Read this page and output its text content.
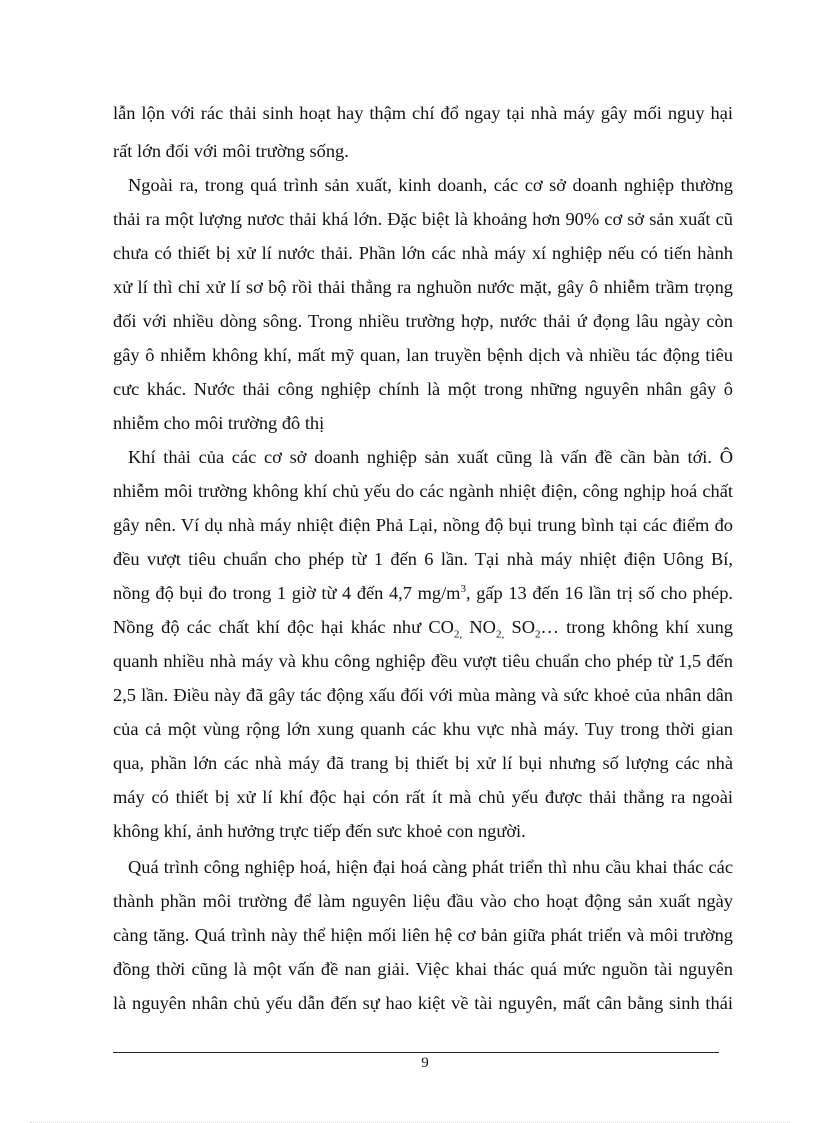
lẫn lộn với rác thải sinh hoạt hay thậm chí đổ ngay tại nhà máy gây mối nguy hại
rất lớn đối với môi trường sống.
Ngoài ra, trong quá trình sản xuất, kinh doanh, các cơ sở doanh nghiệp thường
thải ra một lượng nươc thải khá lớn. Đặc biệt là khoảng hơn 90% cơ sở sản xuất cũ
chưa có thiết bị xử lí nước thải. Phần lớn các nhà máy xí nghiệp nếu có tiến hành
xử lí thì chỉ xử lí sơ bộ rồi thải thẳng ra nghuồn nước mặt, gây ô nhiễm trầm trọng
đối với nhiều dòng sông. Trong nhiều trường hợp, nước thải ứ đọng lâu ngày còn
gây ô nhiễm không khí, mất mỹ quan, lan truyền bệnh dịch và nhiều tác động tiêu
cưc khác. Nước thải công nghiệp chính là một trong những nguyên nhân gây ô
nhiễm cho môi trường đô thị
Khí thải của các cơ sở doanh nghiệp sản xuất cũng là vấn đề cần bàn tới. Ô
nhiễm môi trường không khí chủ yếu do các ngành nhiệt điện, công nghịp hoá chất
gây nên. Ví dụ nhà máy nhiệt điện Phả Lại, nồng độ bụi trung bình tại các điểm đo
đều vượt tiêu chuẩn cho phép từ 1 đến 6 lần. Tại nhà máy nhiệt điện Uông Bí,
nồng độ bụi đo trong 1 giờ từ 4 đến 4,7 $mg/m^3$, gấp 13 đến 16 lần trị số cho phép.
Nồng độ các chất khí độc hại khác như $CO_{2,}$ $NO_{2,}$ $SO_2\dots$ trong không khí xung
quanh nhiều nhà máy và khu công nghiệp đều vượt tiêu chuẩn cho phép từ 1,5 đến
2,5 lần. Điều này đã gây tác động xấu đối với mùa màng và sức khoẻ của nhân dân
của cả một vùng rộng lớn xung quanh các khu vực nhà máy. Tuy trong thời gian
qua, phần lớn các nhà máy đã trang bị thiết bị xử lí bụi nhưng số lượng các nhà
máy có thiết bị xử lí khí độc hại cón rất ít mà chủ yếu được thải thẳng ra ngoài
không khí, ảnh hưởng trực tiếp đến sưc khoẻ con người.
Quá trình công nghiệp hoá, hiện đại hoá càng phát triển thì nhu cầu khai thác các
thành phần môi trường để làm nguyên liệu đầu vào cho hoạt động sản xuất ngày
càng tăng. Quá trình này thể hiện mối liên hệ cơ bản giữa phát triển và môi trường
đồng thời cũng là một vấn đề nan giải. Việc khai thác quá mức nguồn tài nguyên
là nguyên nhân chủ yếu dẫn đến sự hao kiệt về tài nguyên, mất cân bằng sinh thái
9
